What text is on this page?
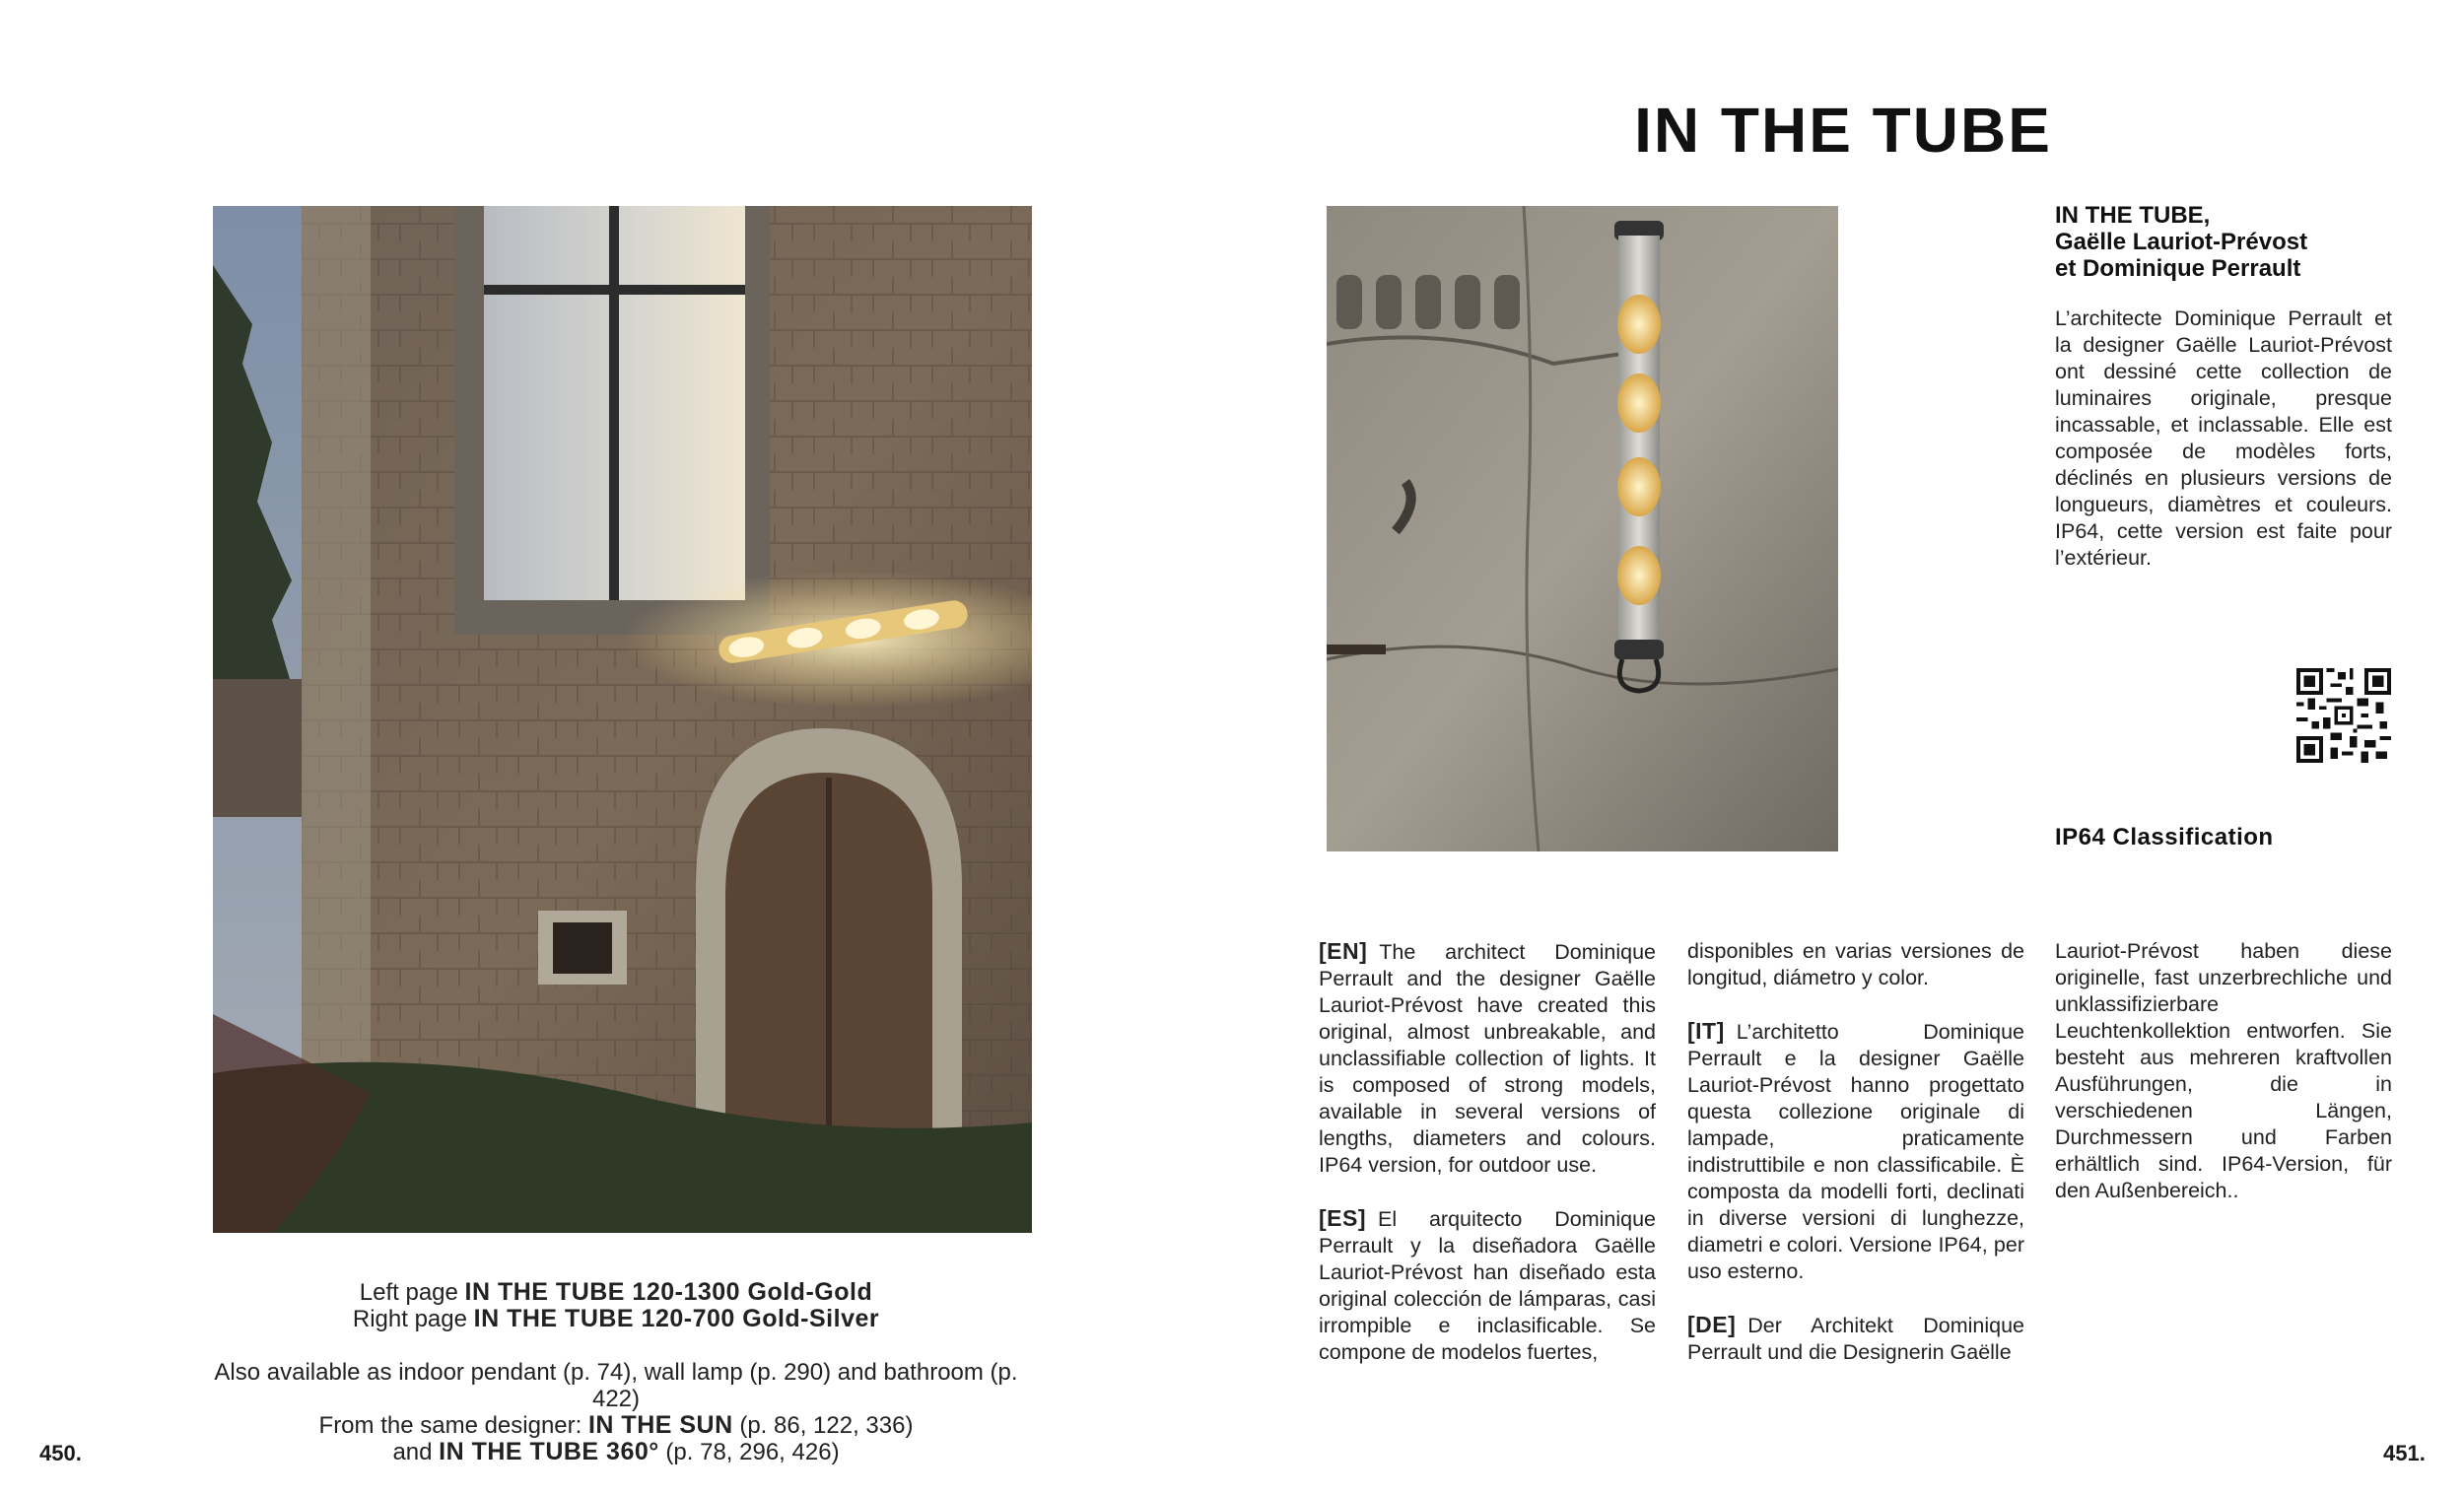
Left page IN THE TUBE 120-1300 Gold-Gold

Right page IN THE TUBE 120-700 Gold-Silver

Also available as indoor pendant (p. 74), wall lamp (p. 290) and bathroom (p. 422)

From the same designer: IN THE SUN (p. 86, 122, 336)

and IN THE TUBE 360° (p. 78, 296, 426)

450.
IN THE TUBE
IN THE TUBE,
Gaëlle Lauriot-Prévost
et Dominique Perrault
L’architecte Dominique Perrault et la designer Gaëlle Lauriot-Prévost ont dessiné cette collection de luminaires originale, presque incassable, et inclassable. Elle est composée de modèles forts, déclinés en plusieurs versions de longueurs, diamètres et couleurs. IP64, cette version est faite pour l’extérieur.
IP64 Classification

[EN] The architect Dominique Perrault and the designer Gaëlle Lauriot-Prévost have created this original, almost unbreakable, and unclassifiable collection of lights. It is composed of strong models, available in several versions of lengths, diameters and colours. IP64 version, for outdoor use.

[ES] El arquitecto Dominique Perrault y la diseñadora Gaëlle Lauriot-Prévost han diseñado esta original colección de lámparas, casi irrompible e inclasificable. Se compone de modelos fuertes,

disponibles en varias versiones de longitud, diámetro y color.

[IT] L’architetto Dominique Perrault e la designer Gaëlle Lauriot-Prévost hanno progettato questa collezione originale di lampade, praticamente indistruttibile e non classificabile. È composta da modelli forti, declinati in diverse versioni di lunghezze, diametri e colori. Versione IP64, per uso esterno.

[DE] Der Architekt Dominique Perrault und die Designerin Gaëlle

Lauriot-Prévost haben diese originelle, fast unzerbrechliche und unklassifizierbare Leuchtenkollektion entworfen. Sie besteht aus mehreren kraftvollen Ausführungen, die in verschiedenen Längen, Durchmessern und Farben erhältlich sind. IP64-Version, für den Außenbereich..

451.
